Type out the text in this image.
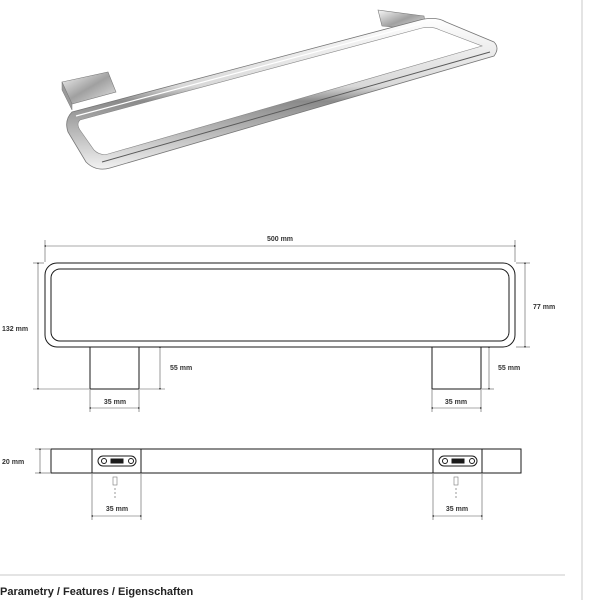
500 mm
132 mm
77 mm
55 mm	55 mm
35 mm	35 mm
20 mm
35 mm	35 mm
Parametry / Features / Eigenschaften
